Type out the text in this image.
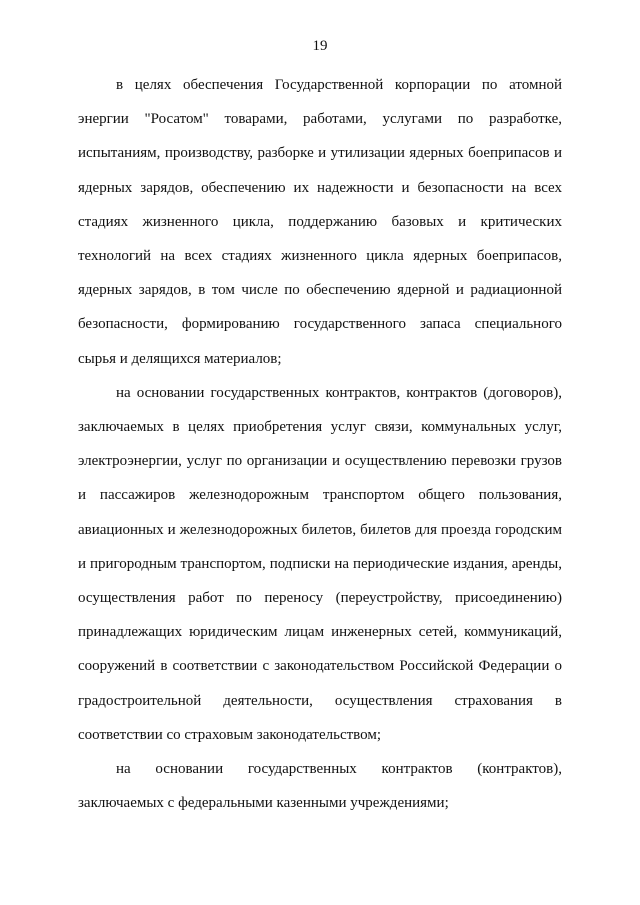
19

в целях обеспечения Государственной корпорации по атомной
энергии "Росатом" товарами, работами, услугами по разработке,
испытаниям, производству, разборке и утилизации ядерных боеприпасов и
ядерных зарядов, обеспечению их надежности и безопасности на всех
стадиях жизненного цикла, поддержанию базовых и критических
технологий на всех стадиях жизненного цикла ядерных боеприпасов,
ядерных зарядов, в том числе по обеспечению ядерной и радиационной
безопасности, формированию государственного запаса специального
сырья и делящихся материалов;

на основании государственных контрактов, контрактов (договоров),
заключаемых в целях приобретения услуг связи, коммунальных услуг,
электроэнергии, услуг по организации и осуществлению перевозки грузов
и пассажиров железнодорожным транспортом общего пользования,
авиационных и железнодорожных билетов, билетов для проезда городским
и пригородным транспортом, подписки на периодические издания, аренды,
осуществления работ по переносу (переустройству, присоединению)
принадлежащих юридическим лицам инженерных сетей, коммуникаций,
сооружений в соответствии с законодательством Российской Федерации о
градостроительной деятельности, осуществления страхования в
соответствии со страховым законодательством;

на основании государственных контрактов (контрактов),
заключаемых с федеральными казенными учреждениями;
